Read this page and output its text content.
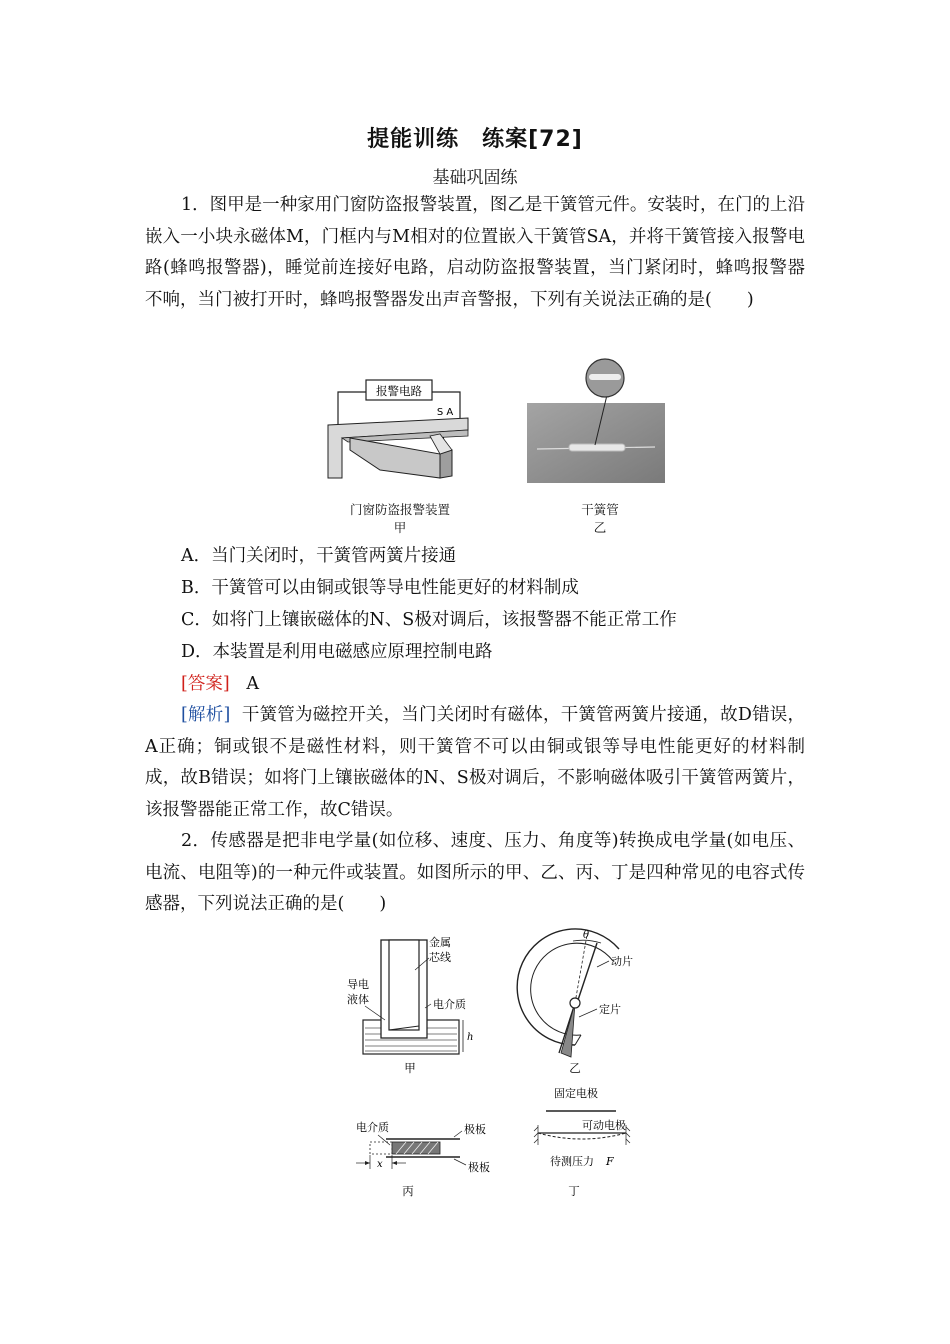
提能训练　练案[72]
基础巩固练
1．图甲是一种家用门窗防盗报警装置，图乙是干簧管元件。安装时，在门的上沿嵌入一小块永磁体M，门框内与M相对的位置嵌入干簧管SA，并将干簧管接入报警电路(蜂鸣报警器)，睡觉前连接好电路，启动防盗报警装置，当门紧闭时，蜂鸣报警器不响，当门被打开时，蜂鸣报警器发出声音警报，下列有关说法正确的是(　　)
报警电路
S A
门窗防盗报警装置
甲
干簧管
乙
A．当门关闭时，干簧管两簧片接通
B．干簧管可以由铜或银等导电性能更好的材料制成
C．如将门上镶嵌磁体的N、S极对调后，该报警器不能正常工作
D．本装置是利用电磁感应原理控制电路
[答案] A
[解析] 干簧管为磁控开关，当门关闭时有磁体，干簧管两簧片接通，故D错误，A正确；铜或银不是磁性材料，则干簧管不可以由铜或银等导电性能更好的材料制成，故B错误；如将门上镶嵌磁体的N、S极对调后，不影响磁体吸引干簧管两簧片，该报警器能正常工作，故C错误。
2．传感器是把非电学量(如位移、速度、压力、角度等)转换成电学量(如电压、电流、电阻等)的一种元件或装置。如图所示的甲、乙、丙、丁是四种常见的电容式传感器，下列说法正确的是(　　)
h
金属
芯线
导电
液体	电介质
甲
θ
动片
定片
乙
电介质	极板
极板
x
丙
固定电极
可动电极
待测压力 F
丁
